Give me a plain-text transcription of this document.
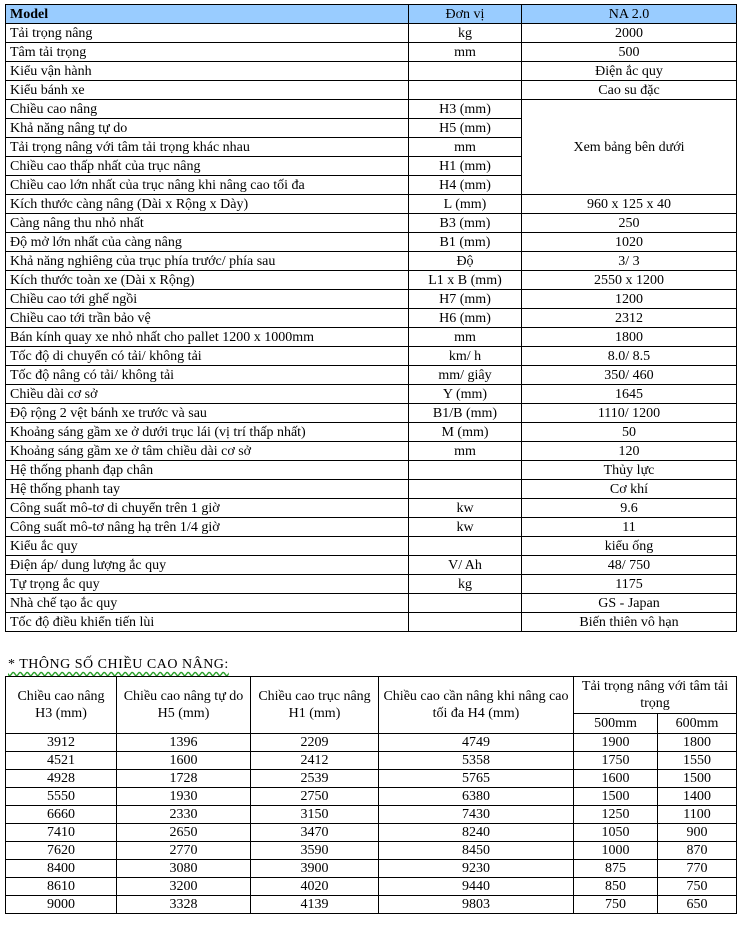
Model	Đơn vị	NA 2.0
Tải trọng nâng	kg	2000
Tâm tải trọng	mm	500
Kiểu vận hành		Điện ắc quy
Kiểu bánh xe		Cao su đặc
Chiều cao nâng	H3 (mm)	Xem bảng bên dưới
Khả năng nâng tự do	H5 (mm)	
Tải trọng nâng với tâm tải trọng khác nhau	mm	
Chiều cao thấp nhất của trục nâng	H1 (mm)	
Chiều cao lớn nhất của trục nâng khi nâng cao tối đa	H4 (mm)	
Kích thước càng nâng (Dài x Rộng x Dày)	L (mm)	960 x 125 x 40
Càng nâng thu nhỏ nhất	B3 (mm)	250
Độ mở lớn nhất của càng nâng	B1 (mm)	1020
Khả năng nghiêng của trục phía trước/ phía sau	Độ	3/ 3
Kích thước toàn xe (Dài x Rộng)	L1 x B (mm)	2550 x 1200
Chiều cao tới ghế ngồi	H7 (mm)	1200
Chiều cao tới trần bảo vệ	H6 (mm)	2312
Bán kính quay xe nhỏ nhất cho pallet 1200 x 1000mm	mm	1800
Tốc độ di chuyển có tải/ không tải	km/ h	8.0/ 8.5
Tốc độ nâng có tải/ không tải	mm/ giây	350/ 460
Chiều dài cơ sở	Y (mm)	1645
Độ rộng 2 vệt bánh xe trước và sau	B1/B (mm)	1110/ 1200
Khoảng sáng gầm xe ở dưới trục lái (vị trí thấp nhất)	M (mm)	50
Khoảng sáng gầm xe ở tâm chiều dài cơ sở	mm	120
Hệ thống phanh đạp chân		Thủy lực
Hệ thống phanh tay		Cơ khí
Công suất mô-tơ di chuyển trên 1 giờ	kw	9.6
Công suất mô-tơ nâng hạ trên 1/4 giờ	kw	11
Kiểu ắc quy		kiểu ống
Điện áp/ dung lượng ắc quy	V/ Ah	48/ 750
Tự trọng ắc quy	kg	1175
Nhà chế tạo ắc quy		GS - Japan
Tốc độ điều khiển tiến lùi		Biến thiên vô hạn
* THÔNG SỐ CHIỀU CAO NÂNG:
Chiều cao nâng H3 (mm)	Chiều cao nâng tự do H5 (mm)	Chiều cao trục nâng H1 (mm)	Chiều cao cần nâng khi nâng cao tối đa H4 (mm)	Tải trọng nâng với tâm tải trọng	
				500mm	600mm
3912	1396	2209	4749	1900	1800
4521	1600	2412	5358	1750	1550
4928	1728	2539	5765	1600	1500
5550	1930	2750	6380	1500	1400
6660	2330	3150	7430	1250	1100
7410	2650	3470	8240	1050	900
7620	2770	3590	8450	1000	870
8400	3080	3900	9230	875	770
8610	3200	4020	9440	850	750
9000	3328	4139	9803	750	650
